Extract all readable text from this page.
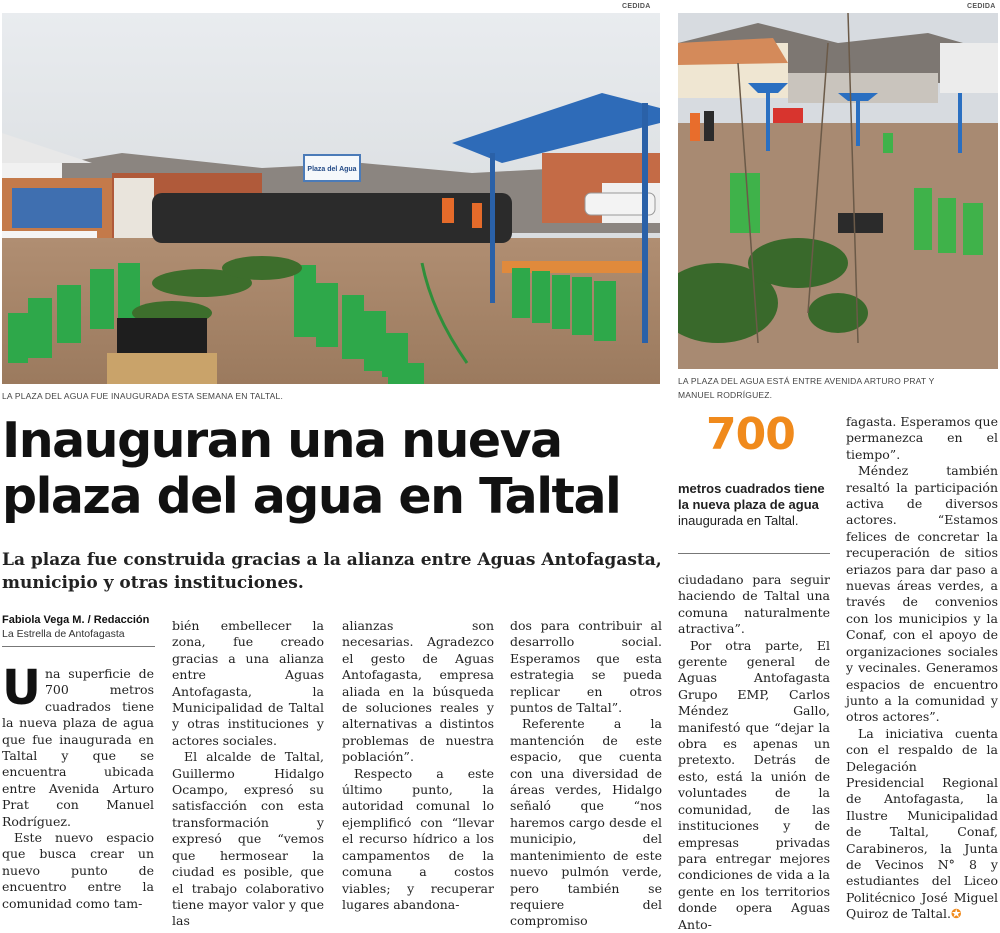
CEDIDA
Plaza del Agua
LA PLAZA DEL AGUA FUE INAUGURADA ESTA SEMANA EN TALTAL.
CEDIDA
LA PLAZA DEL AGUA ESTÁ ENTRE AVENIDA ARTURO PRAT Y
MANUEL RODRÍGUEZ.
Inauguran una nueva
plaza del agua en Taltal
La plaza fue construida gracias a la alianza entre Aguas Antofagasta, municipio y otras instituciones.
Fabiola Vega M. / Redacción
La Estrella de Antofagasta
700
metros cuadrados tiene la nueva plaza de agua inaugurada en Taltal.
U na superficie de 700 metros cuadrados tiene la nueva plaza de agua que fue inaugurada en Taltal y que se encuentra ubicada entre Avenida Arturo Prat con Manuel Rodríguez.

Este nuevo espacio que busca crear un nuevo punto de encuentro entre la comunidad como tam-

bién embellecer la zona, fue creado gracias a una alianza entre Aguas Antofagasta, la Municipalidad de Taltal y otras instituciones y actores sociales.

El alcalde de Taltal, Guillermo Hidalgo Ocampo, expresó su satisfacción con esta transformación y expresó que “vemos que hermosear la ciudad es posible, que el trabajo colaborativo tiene mayor valor y que las

alianzas son necesarias. Agradezco el gesto de Aguas Antofagasta, empresa aliada en la búsqueda de soluciones reales y alternativas a distintos problemas de nuestra población”.

Respecto a este último punto, la autoridad comunal lo ejemplificó con “llevar el recurso hídrico a los campamentos de la comuna a costos viables; y recuperar lugares abandona-

dos para contribuir al desarrollo social. Esperamos que esta estrategia se pueda replicar en otros puntos de Taltal”.

Referente a la mantención de este espacio, que cuenta con una diversidad de áreas verdes, Hidalgo señaló que “nos haremos cargo desde el municipio, del mantenimiento de este nuevo pulmón verde, pero también se requiere del compromiso

ciudadano para seguir haciendo de Taltal una comuna naturalmente atractiva”.

Por otra parte, El gerente general de Aguas Antofagasta Grupo EMP, Carlos Méndez Gallo, manifestó que “dejar la obra es apenas un pretexto. Detrás de esto, está la unión de voluntades de la comunidad, de las instituciones y de empresas privadas para entregar mejores condiciones de vida a la gente en los territorios donde opera Aguas Anto-

fagasta. Esperamos que permanezca en el tiempo”.

Méndez también resaltó la participación activa de diversos actores. “Estamos felices de concretar la recuperación de sitios eriazos para dar paso a nuevas áreas verdes, a través de convenios con los municipios y la Conaf, con el apoyo de organizaciones sociales y vecinales. Generamos espacios de encuentro junto a la comunidad y otros actores”.

La iniciativa cuenta con el respaldo de la Delegación Presidencial Regional de Antofagasta, la Ilustre Municipalidad de Taltal, Conaf, Carabineros, la Junta de Vecinos N° 8 y estudiantes del Liceo Politécnico José Miguel Quiroz de Taltal.✪
